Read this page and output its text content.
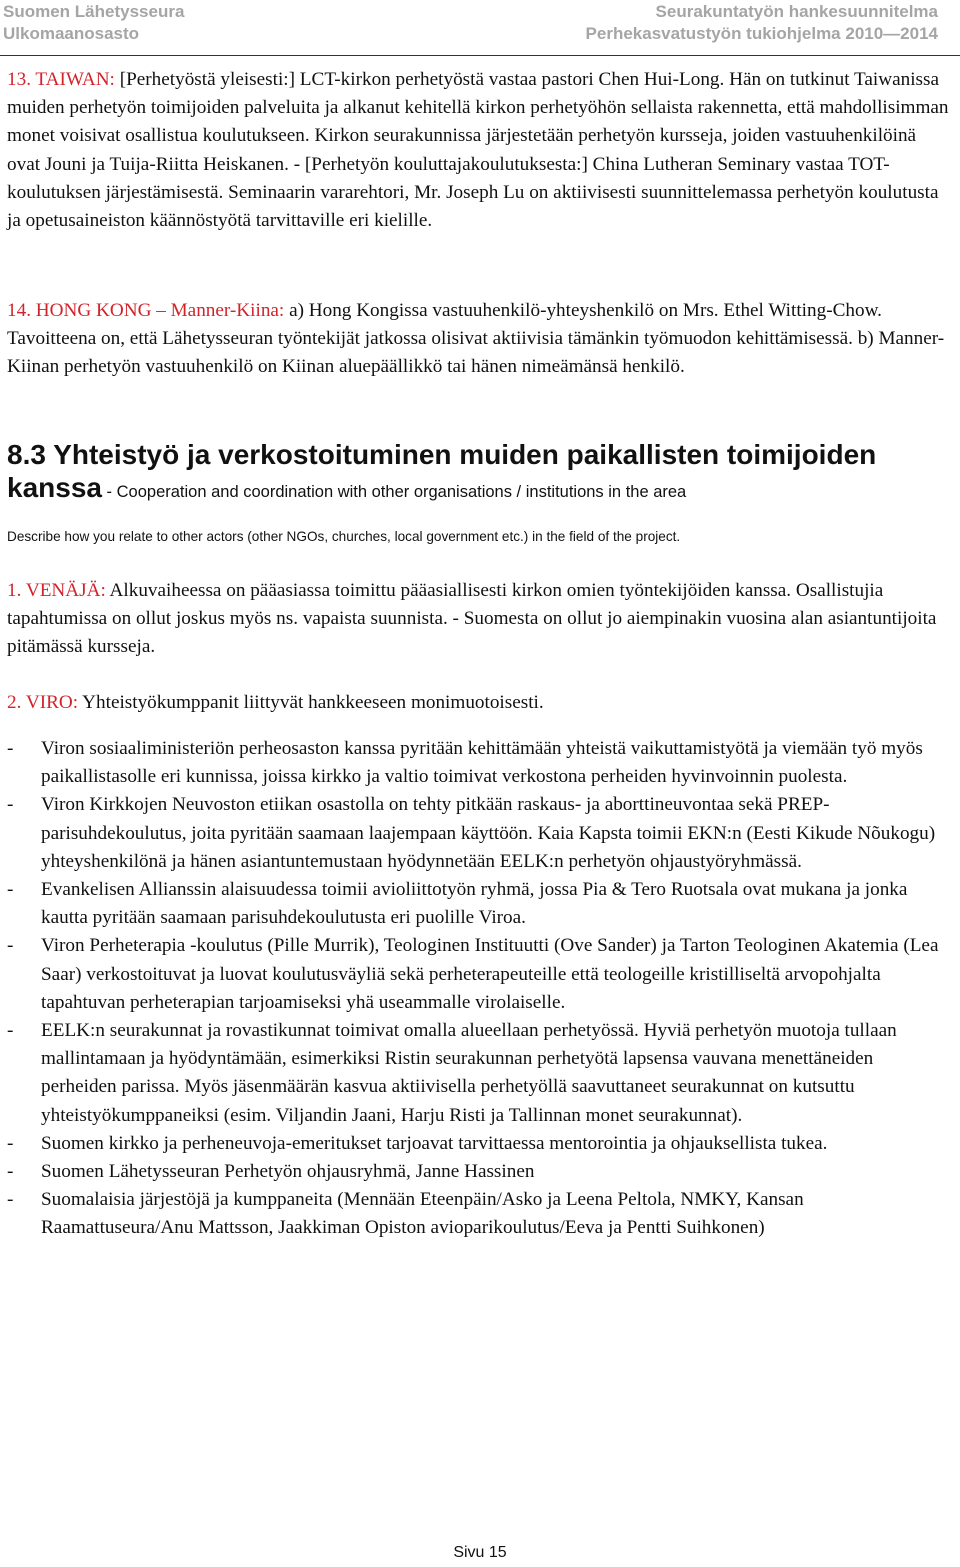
Suomen Lähetysseura
Ulkomaanosasto
Seurakuntatyön hankesuunnitelma
Perhekasvatustyön tukiohjelma 2010—2014
13. TAIWAN: [Perhetyöstä yleisesti:] LCT-kirkon perhetyöstä vastaa pastori Chen Hui-Long. Hän on tutkinut Taiwanissa muiden perhetyön toimijoiden palveluita ja alkanut kehitellä kirkon perhetyöhön sellaista rakennetta, että mahdollisimman monet voisivat osallistua koulutukseen. Kirkon seurakunnissa järjestetään perhetyön kursseja, joiden vastuuhenkilöinä ovat Jouni ja Tuija-Riitta Heiskanen. - [Perhetyön kouluttajakoulutuksesta:] China Lutheran Seminary vastaa TOT-koulutuksen järjestämisestä. Seminaarin vararehtori, Mr. Joseph Lu on aktiivisesti suunnittelemassa perhetyön koulutusta ja opetusaineiston käännöstyötä tarvittaville eri kielille.
14. HONG KONG – Manner-Kiina: a) Hong Kongissa vastuuhenkilö-yhteyshenkilö on Mrs. Ethel Witting-Chow. Tavoitteena on, että Lähetysseuran työntekijät jatkossa olisivat aktiivisia tämänkin työmuodon kehittämisessä. b) Manner-Kiinan perhetyön vastuuhenkilö on Kiinan aluepäällikkö tai hänen nimeämänsä henkilö.
8.3 Yhteistyö ja verkostoituminen muiden paikallisten toimijoiden kanssa - Cooperation and coordination with other organisations / institutions in the area
Describe how you relate to other actors (other NGOs, churches, local government etc.) in the field of the project.
1. VENÄJÄ: Alkuvaiheessa on pääasiassa toimittu pääasiallisesti kirkon omien työntekijöiden kanssa. Osallistujia tapahtumissa on ollut joskus myös ns. vapaista suunnista. - Suomesta on ollut jo aiempinakin vuosina alan asiantuntijoita pitämässä kursseja.
2. VIRO: Yhteistyökumppanit liittyvät hankkeeseen monimuotoisesti.
- Viron sosiaaliministeriön perheosaston kanssa pyritään kehittämään yhteistä vaikuttamistyötä ja viemään työ myös paikallistasolle eri kunnissa, joissa kirkko ja valtio toimivat verkostona perheiden hyvinvoinnin puolesta.
- Viron Kirkkojen Neuvoston etiikan osastolla on tehty pitkään raskaus- ja aborttineuvontaa sekä PREP-parisuhdekoulutus, joita pyritään saamaan laajempaan käyttöön. Kaia Kapsta toimii EKN:n (Eesti Kikude Nõukogu) yhteyshenkilönä ja hänen asiantuntemustaan hyödynnetään EELK:n perhetyön ohjaustyöryhmässä.
- Evankelisen Allianssin alaisuudessa toimii avioliittotyön ryhmä, jossa Pia & Tero Ruotsala ovat mukana ja jonka kautta pyritään saamaan parisuhdekoulutusta eri puolille Viroa.
- Viron Perheterapia -koulutus (Pille Murrik), Teologinen Instituutti (Ove Sander) ja Tarton Teologinen Akatemia (Lea Saar) verkostoituvat ja luovat koulutusväyliä sekä perheterapeuteille että teologeille kristilliseltä arvopohjalta tapahtuvan perheterapian tarjoamiseksi yhä useammalle virolaiselle.
- EELK:n seurakunnat ja rovastikunnat toimivat omalla alueellaan perhetyössä. Hyviä perhetyön muotoja tullaan mallintamaan ja hyödyntämään, esimerkiksi Ristin seurakunnan perhetyötä lapsensa vauvana menettäneiden perheiden parissa. Myös jäsenmäärän kasvua aktiivisella perhetyöllä saavuttaneet seurakunnat on kutsuttu yhteistyökumppaneiksi (esim. Viljandin Jaani, Harju Risti ja Tallinnan monet seurakunnat).
- Suomen kirkko ja perheneuvoja-emeritukset tarjoavat tarvittaessa mentorointia ja ohjauksellista tukea.
- Suomen Lähetysseuran Perhetyön ohjausryhmä, Janne Hassinen
- Suomalaisia järjestöjä ja kumppaneita (Mennään Eteenpäin/Asko ja Leena Peltola, NMKY, Kansan Raamattuseura/Anu Mattsson, Jaakkiman Opiston avioparikoulutus/Eeva ja Pentti Suihkonen)
Sivu 15
